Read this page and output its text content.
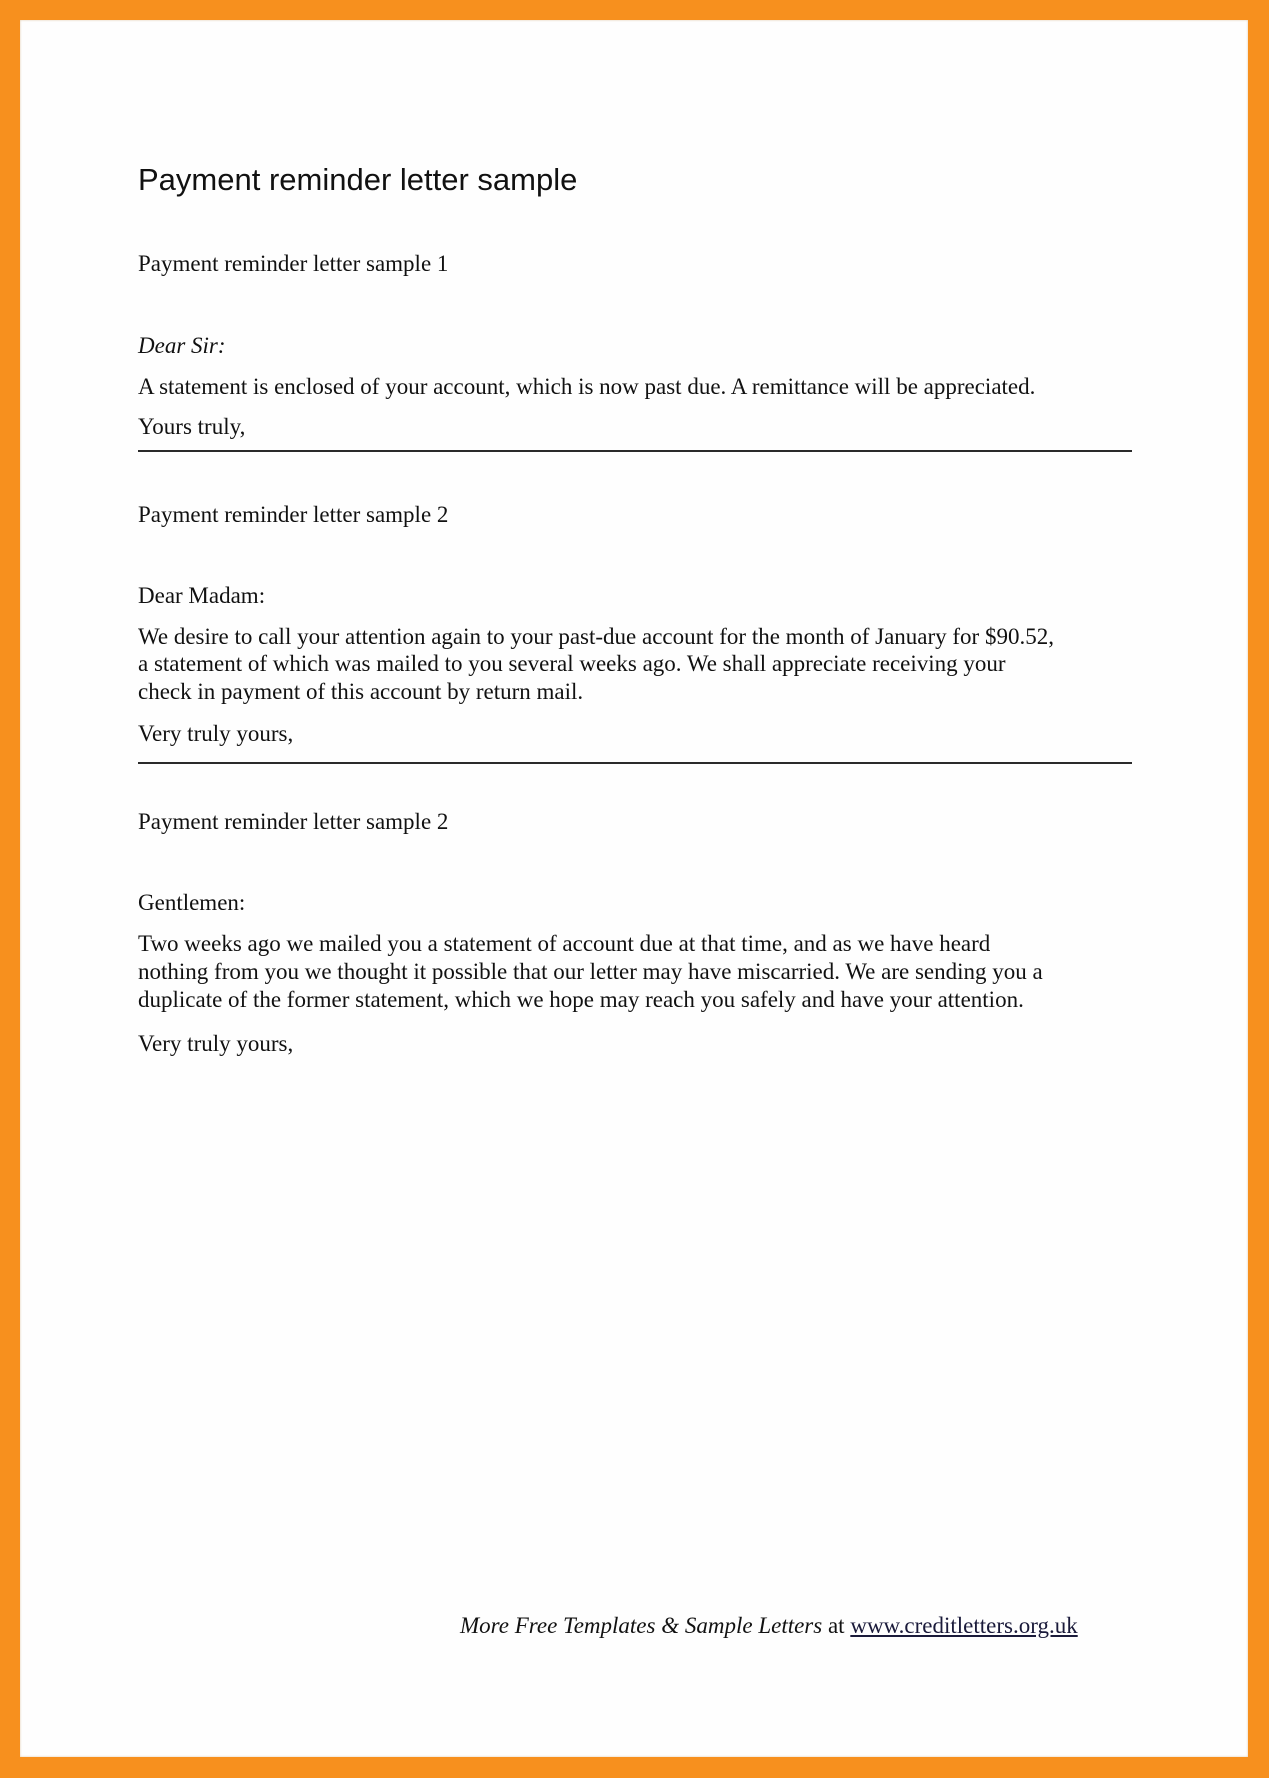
Payment reminder letter sample
Payment reminder letter sample 1
Dear Sir:
A statement is enclosed of your account, which is now past due. A remittance will be appreciated.
Yours truly,
Payment reminder letter sample 2
Dear Madam:
We desire to call your attention again to your past-due account for the month of January for $90.52,
a statement of which was mailed to you several weeks ago. We shall appreciate receiving your
check in payment of this account by return mail.
Very truly yours,
Payment reminder letter sample 2
Gentlemen:
Two weeks ago we mailed you a statement of account due at that time, and as we have heard
nothing from you we thought it possible that our letter may have miscarried. We are sending you a
duplicate of the former statement, which we hope may reach you safely and have your attention.
Very truly yours,
More Free Templates & Sample Letters at www.creditletters.org.uk
